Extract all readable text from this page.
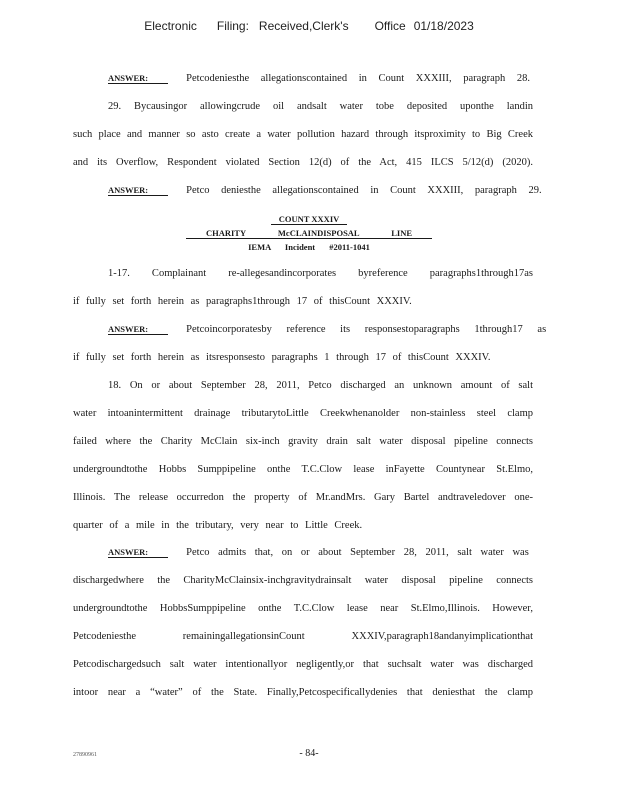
Electronic Filing: Received,Clerk's Office 01/18/2023
ANSWER:	Petcodeniesthe allegationscontained in Count XXXIII, paragraph 28.
29. Bycausingor allowingcrude oil andsalt water tobe deposited uponthe landin
such place and manner so asto create a water pollution hazard through itsproximity to Big Creek
and its Overflow, Respondent violated Section 12(d) of the Act, 415 ILCS 5/12(d) (2020).
ANSWER:	Petco deniesthe allegationscontained in Count XXXIII, paragraph 29.
COUNT XXXIV
CHARITY McCLAINDISPOSAL LINE
IEMA Incident #2011-1041
1-17. Complainant re-allegesandincorporates byreference paragraphs1through17as
if fully set forth herein as paragraphs1through 17 of thisCount XXXIV.
ANSWER:	Petcoincorporatesby reference its responsestoparagraphs 1through17 as
if fully set forth herein as itsresponsesto paragraphs 1 through 17 of thisCount XXXIV.
18. On or about September 28, 2011, Petco discharged an unknown amount of salt
water intoanintermittent drainage tributarytoLittle Creekwhenanolder non-stainless steel clamp
failed where the Charity McClain six-inch gravity drain salt water disposal pipeline connects
undergroundtothe Hobbs Sumppipeline onthe T.C.Clow lease inFayette Countynear St.Elmo,
Illinois. The release occurredon the property of Mr.andMrs. Gary Bartel andtraveledover one-
quarter of a mile in the tributary, very near to Little Creek.
ANSWER:	Petco admits that, on or about September 28, 2011, salt water was
dischargedwhere the CharityMcClainsix-inchgravitydrainsalt water disposal pipeline connects
undergroundtothe HobbsSumppipeline onthe T.C.Clow lease near St.Elmo,Illinois. However,
Petcodeniesthe remainingallegationsinCount XXXIV,paragraph18andanyimplicationthat
Petcodischargedsuch salt water intentionallyor negligently,or that suchsalt water was discharged
intoor near a “water” of the State. Finally,Petcospecificallydenies that deniesthat the clamp
27890961	- 84-
